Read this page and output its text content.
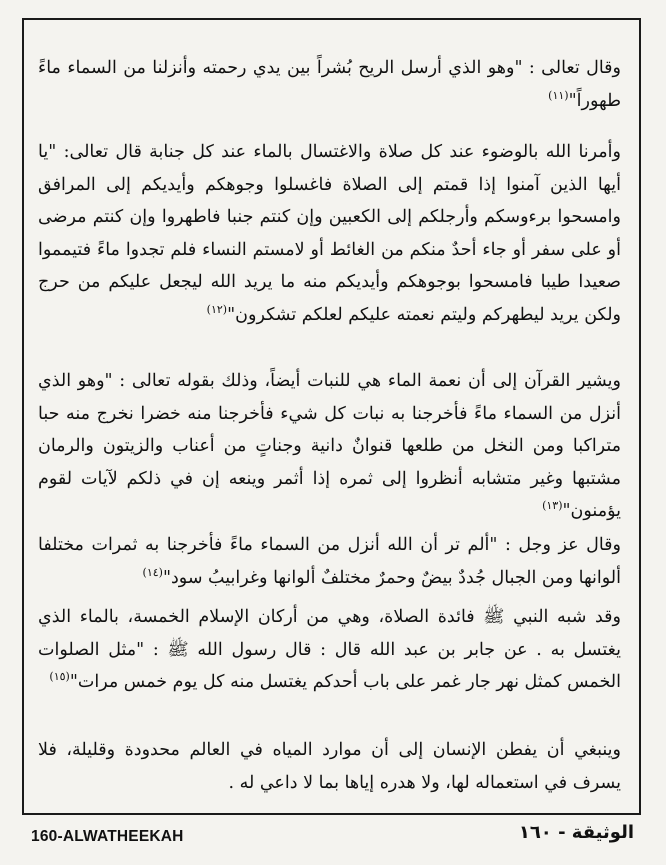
وقال تعالى : "وهو الذي أرسل الريح بُشراً بين يدي رحمته وأنزلنا من السماء ماءً طهوراً"$^{(١١)}$

وأمرنا الله بالوضوء عند كل صلاة والاغتسال بالماء عند كل جنابة قال تعالى: "يا أيها الذين آمنوا إذا قمتم إلى الصلاة فاغسلوا وجوهكم وأيديكم إلى المرافق وامسحوا برءوسكم وأرجلكم إلى الكعبين وإن كنتم جنبا فاطهروا وإن كنتم مرضى أو على سفر أو جاء أحدٌ منكم من الغائط أو لامستم النساء فلم تجدوا ماءً فتيمموا صعيدا طيبا فامسحوا بوجوهكم وأيديكم منه ما يريد الله ليجعل عليكم من حرج ولكن يريد ليطهركم وليتم نعمته عليكم لعلكم تشكرون"$^{(١٢)}$

ويشير القرآن إلى أن نعمة الماء هي للنبات أيضاً، وذلك بقوله تعالى : "وهو الذي أنزل من السماء ماءً فأخرجنا به نبات كل شيء فأخرجنا منه خضرا نخرج منه حبا متراكبا ومن النخل من طلعها قنوانٌ دانية وجناتٍ من أعناب والزيتون والرمان مشتبها وغير متشابه أنظروا إلى ثمره إذا أثمر وينعه إن في ذلكم لآيات لقوم يؤمنون"$^{(١٣)}$

وقال عز وجل : "ألم تر أن الله أنزل من السماء ماءً فأخرجنا به ثمرات مختلفا ألوانها ومن الجبال جُددٌ بيضٌ وحمرٌ مختلفٌ ألوانها وغرابيبُ سود"$^{(١٤)}$

وقد شبه النبي ﷺ فائدة الصلاة، وهي من أركان الإسلام الخمسة، بالماء الذي يغتسل به . عن جابر بن عبد الله قال : قال رسول الله ﷺ : "مثل الصلوات الخمس كمثل نهر جار غمر على باب أحدكم يغتسل منه كل يوم خمس مرات"$^{(١٥)}$

وينبغي أن يفطن الإنسان إلى أن موارد المياه في العالم محدودة وقليلة، فلا يسرف في استعماله لها، ولا هدره إياها بما لا داعي له .

160-ALWATHEEKAH	الوثيقة - ١٦٠
